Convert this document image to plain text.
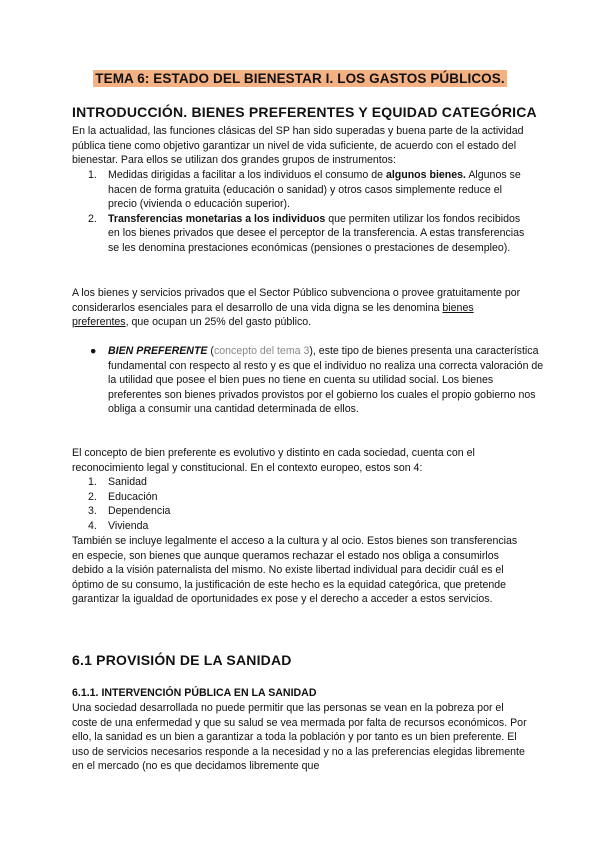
TEMA 6: ESTADO DEL BIENESTAR I. LOS GASTOS PÚBLICOS.
INTRODUCCIÓN. BIENES PREFERENTES Y EQUIDAD CATEGÓRICA

En la actualidad, las funciones clásicas del SP han sido superadas y buena parte de la actividad pública tiene como objetivo garantizar un nivel de vida suficiente, de acuerdo con el estado del bienestar. Para ellos se utilizan dos grandes grupos de instrumentos:

1. Medidas dirigidas a facilitar a los individuos el consumo de algunos bienes. Algunos se hacen de forma gratuita (educación o sanidad) y otros casos simplemente reduce el precio (vivienda o educación superior).
2. Transferencias monetarias a los individuos que permiten utilizar los fondos recibidos en los bienes privados que desee el perceptor de la transferencia. A estas transferencias se les denomina prestaciones económicas (pensiones o prestaciones de desempleo).

A los bienes y servicios privados que el Sector Público subvenciona o provee gratuitamente por considerarlos esenciales para el desarrollo de una vida digna se les denomina bienes preferentes, que ocupan un 25% del gasto público.

● BIEN PREFERENTE (concepto del tema 3), este tipo de bienes presenta una característica fundamental con respecto al resto y es que el individuo no realiza una correcta valoración de la utilidad que posee el bien pues no tiene en cuenta su utilidad social. Los bienes preferentes son bienes privados provistos por el gobierno los cuales el propio gobierno nos obliga a consumir una cantidad determinada de ellos.

El concepto de bien preferente es evolutivo y distinto en cada sociedad, cuenta con el reconocimiento legal y constitucional. En el contexto europeo, estos son 4:

1. Sanidad
2. Educación
3. Dependencia
4. Vivienda

También se incluye legalmente el acceso a la cultura y al ocio. Estos bienes son transferencias en especie, son bienes que aunque queramos rechazar el estado nos obliga a consumirlos debido a la visión paternalista del mismo. No existe libertad individual para decidir cuál es el óptimo de su consumo, la justificación de este hecho es la equidad categórica, que pretende garantizar la igualdad de oportunidades ex pose y el derecho a acceder a estos servicios.

6.1 PROVISIÓN DE LA SANIDAD
6.1.1. INTERVENCIÓN PÚBLICA EN LA SANIDAD

Una sociedad desarrollada no puede permitir que las personas se vean en la pobreza por el coste de una enfermedad y que su salud se vea mermada por falta de recursos económicos. Por ello, la sanidad es un bien a garantizar a toda la población y por tanto es un bien preferente. El uso de servicios necesarios responde a la necesidad y no a las preferencias elegidas libremente en el mercado (no es que decidamos libremente que
